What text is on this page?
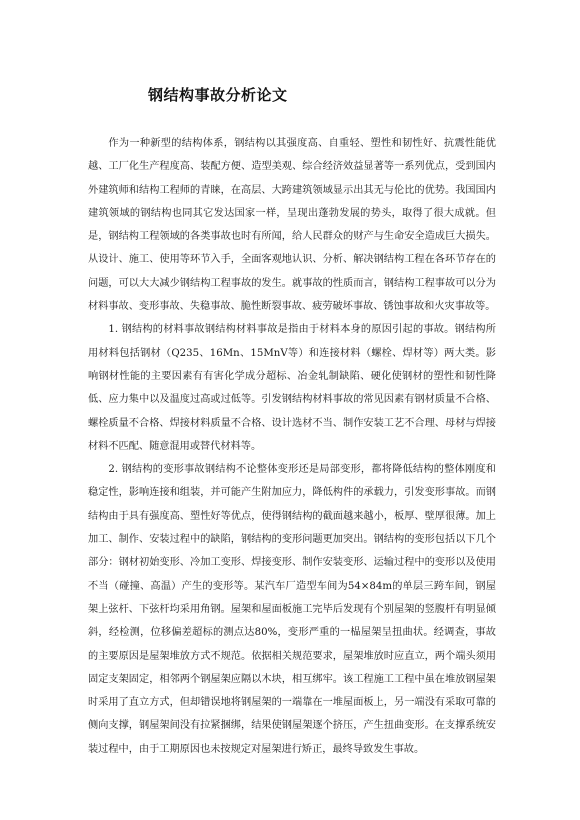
钢结构事故分析论文

作为一种新型的结构体系，钢结构以其强度高、自重轻、塑性和韧性好、抗震性能优越、工厂化生产程度高、装配方便、造型美观、综合经济效益显著等一系列优点，受到国内外建筑师和结构工程师的青睐，在高层、大跨建筑领域显示出其无与伦比的优势。我国国内建筑领域的钢结构也同其它发达国家一样，呈现出蓬勃发展的势头，取得了很大成就。但是，钢结构工程领域的各类事故也时有所闻，给人民群众的财产与生命安全造成巨大损失。从设计、施工、使用等环节入手，全面客观地认识、分析、解决钢结构工程在各环节存在的问题，可以大大减少钢结构工程事故的发生。就事故的性质而言，钢结构工程事故可以分为材料事故、变形事故、失稳事故、脆性断裂事故、疲劳破坏事故、锈蚀事故和火灾事故等。

1. 钢结构的材料事故钢结构材料事故是指由于材料本身的原因引起的事故。钢结构所用材料包括钢材（Q235、16Mn、15MnV等）和连接材料（螺栓、焊材等）两大类。影响钢材性能的主要因素有有害化学成分超标、冶金轧制缺陷、硬化使钢材的塑性和韧性降低、应力集中以及温度过高或过低等。引发钢结构材料事故的常见因素有钢材质量不合格、螺栓质量不合格、焊接材料质量不合格、设计选材不当、制作安装工艺不合理、母材与焊接材料不匹配、随意混用或替代材料等。

2. 钢结构的变形事故钢结构不论整体变形还是局部变形，都将降低结构的整体刚度和稳定性，影响连接和组装，并可能产生附加应力，降低构件的承载力，引发变形事故。而钢结构由于具有强度高、塑性好等优点，使得钢结构的截面越来越小，板厚、壁厚很薄。加上加工、制作、安装过程中的缺陷，钢结构的变形问题更加突出。钢结构的变形包括以下几个部分：钢材初始变形、冷加工变形、焊接变形、制作安装变形、运输过程中的变形以及使用不当（碰撞、高温）产生的变形等。某汽车厂造型车间为54×84m的单层三跨车间，钢屋架上弦杆、下弦杆均采用角钢。屋架和屋面板施工完毕后发现有个别屋架的竖腹杆有明显倾斜，经检测，位移偏差超标的测点达80%，变形严重的一榀屋架呈扭曲状。经调查，事故的主要原因是屋架堆放方式不规范。依据相关规范要求，屋架堆放时应直立，两个端头须用固定支架固定，相邻两个钢屋架应隔以木块，相互绑牢。该工程施工工程中虽在堆放钢屋架时采用了直立方式，但却错误地将钢屋架的一端靠在一堆屋面板上，另一端没有采取可靠的侧向支撑，钢屋架间没有拉紧捆绑，结果使钢屋架逐个挤压，产生扭曲变形。在支撑系统安装过程中，由于工期原因也未按规定对屋架进行矫正，最终导致发生事故。
